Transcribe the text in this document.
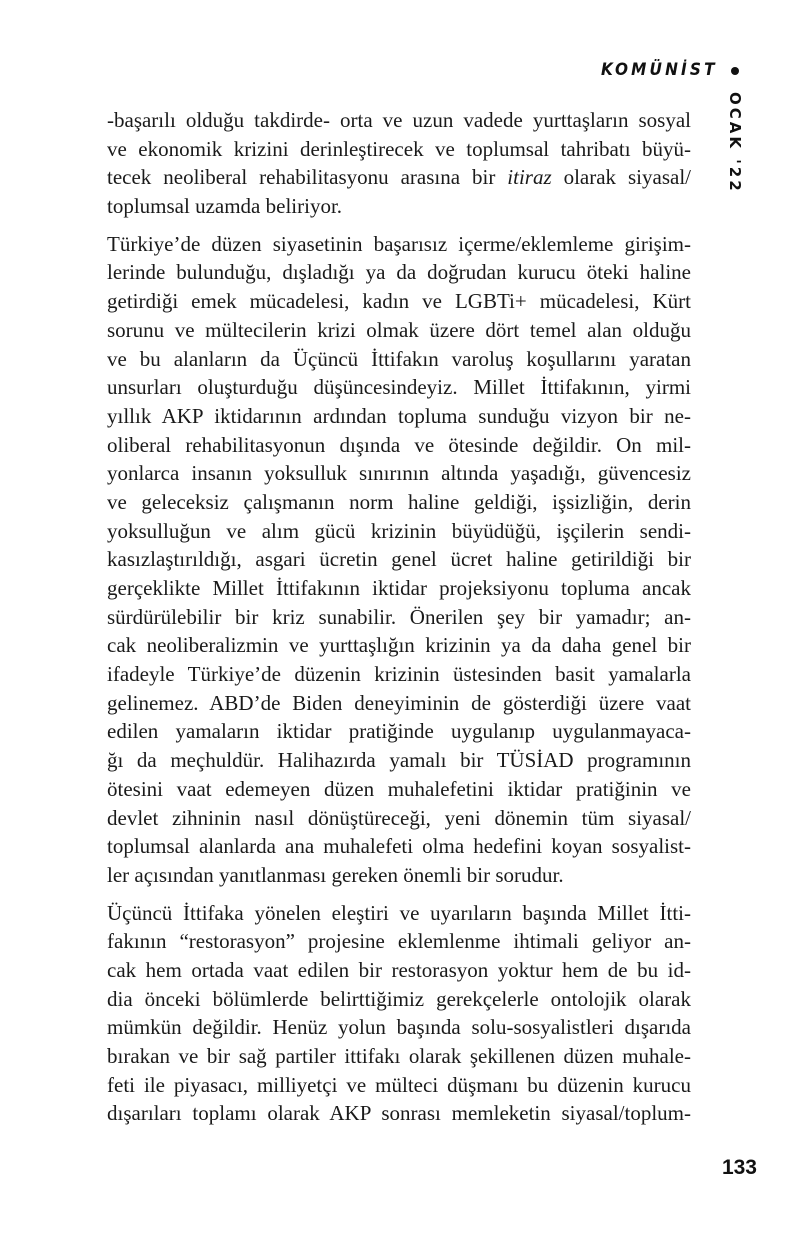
KOMÜNİST
OCAK '22
-başarılı olduğu takdirde- orta ve uzun vadede yurttaşların sosyal
ve ekonomik krizini derinleştirecek ve toplumsal tahribatı büyü-
tecek neoliberal rehabilitasyonu arasına bir itiraz olarak siyasal/
toplumsal uzamda beliriyor.
Türkiye’de düzen siyasetinin başarısız içerme/eklemleme girişim-
lerinde bulunduğu, dışladığı ya da doğrudan kurucu öteki haline
getirdiği emek mücadelesi, kadın ve LGBTi+ mücadelesi, Kürt
sorunu ve mültecilerin krizi olmak üzere dört temel alan olduğu
ve bu alanların da Üçüncü İttifakın varoluş koşullarını yaratan
unsurları oluşturduğu düşüncesindeyiz. Millet İttifakının, yirmi
yıllık AKP iktidarının ardından topluma sunduğu vizyon bir ne-
oliberal rehabilitasyonun dışında ve ötesinde değildir. On mil-
yonlarca insanın yoksulluk sınırının altında yaşadığı, güvencesiz
ve geleceksiz çalışmanın norm haline geldiği, işsizliğin, derin
yoksulluğun ve alım gücü krizinin büyüdüğü, işçilerin sendi-
kasızlaştırıldığı, asgari ücretin genel ücret haline getirildiği bir
gerçeklikte Millet İttifakının iktidar projeksiyonu topluma ancak
sürdürülebilir bir kriz sunabilir. Önerilen şey bir yamadır; an-
cak neoliberalizmin ve yurttaşlığın krizinin ya da daha genel bir
ifadeyle Türkiye’de düzenin krizinin üstesinden basit yamalarla
gelinemez. ABD’de Biden deneyiminin de gösterdiği üzere vaat
edilen yamaların iktidar pratiğinde uygulanıp uygulanmayaca-
ğı da meçhuldür. Halihazırda yamalı bir TÜSİAD programının
ötesini vaat edemeyen düzen muhalefetini iktidar pratiğinin ve
devlet zihninin nasıl dönüştüreceği, yeni dönemin tüm siyasal/
toplumsal alanlarda ana muhalefeti olma hedefini koyan sosyalist-
ler açısından yanıtlanması gereken önemli bir sorudur.
Üçüncü İttifaka yönelen eleştiri ve uyarıların başında Millet İtti-
fakının “restorasyon” projesine eklemlenme ihtimali geliyor an-
cak hem ortada vaat edilen bir restorasyon yoktur hem de bu id-
dia önceki bölümlerde belirttiğimiz gerekçelerle ontolojik olarak
mümkün değildir. Henüz yolun başında solu-sosyalistleri dışarıda
bırakan ve bir sağ partiler ittifakı olarak şekillenen düzen muhale-
feti ile piyasacı, milliyetçi ve mülteci düşmanı bu düzenin kurucu
dışarıları toplamı olarak AKP sonrası memleketin siyasal/toplum-
133
